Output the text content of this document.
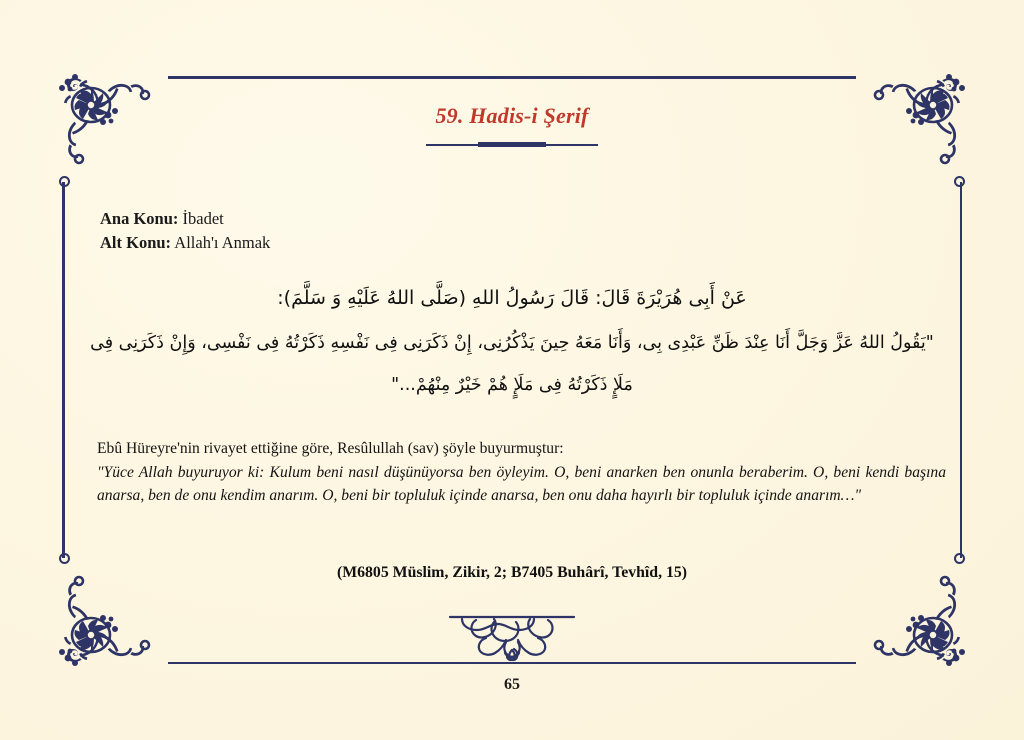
59. Hadis-i Şerif
Ana Konu: İbadet
Alt Konu: Allah'ı Anmak
عَنْ أَبِى هُرَيْرَةَ قَالَ: قَالَ رَسُولُ اللهِ (صَلَّى اللهُ عَلَيْهِ وَ سَلَّمَ):
"يَقُولُ اللهُ عَزَّ وَجَلَّ أَنَا عِنْدَ ظَنِّ عَبْدِى بِى، وَأَنَا مَعَهُ حِينَ يَذْكُرُنِى، إِنْ ذَكَرَنِى فِى نَفْسِهِ ذَكَرْتُهُ فِى نَفْسِى، وَإِنْ ذَكَرَنِى فِى
مَلَإٍ ذَكَرْتُهُ فِى مَلَإٍ هُمْ خَيْرٌ مِنْهُمْ..."
Ebû Hüreyre'nin rivayet ettiğine göre, Resûlullah (sav) şöyle buyurmuştur:
"Yüce Allah buyuruyor ki: Kulum beni nasıl düşünüyorsa ben öyleyim. O, beni anarken ben onunla beraberim. O, beni kendi başına anarsa, ben de onu kendim anarım. O, beni bir topluluk içinde anarsa, ben onu daha hayırlı bir topluluk içinde anarım…"
(M6805 Müslim, Zikir, 2; B7405 Buhârî, Tevhîd, 15)
65
